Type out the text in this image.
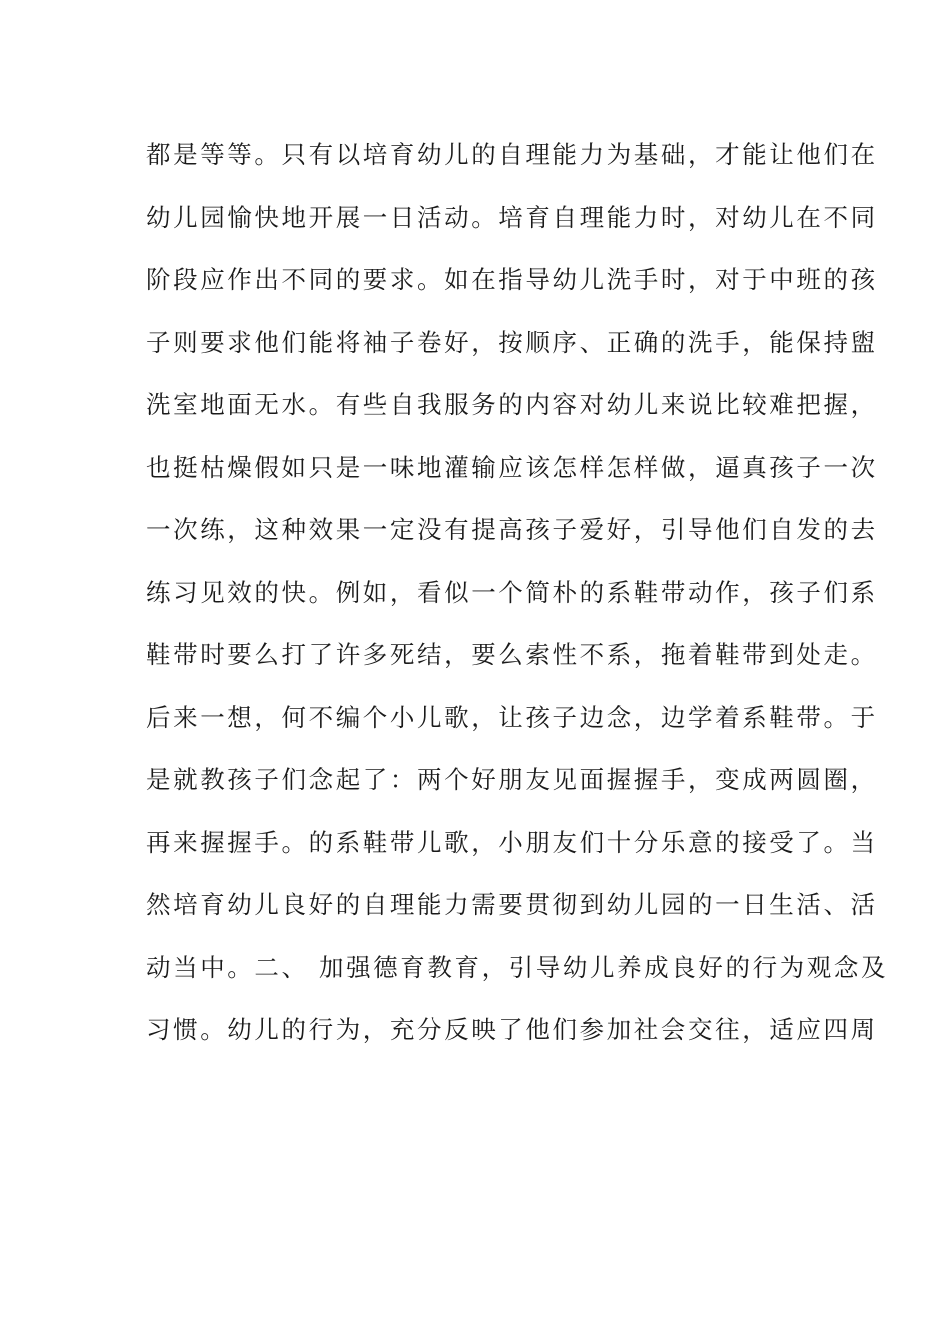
都是等等。只有以培育幼儿的自理能力为基础，才能让他们在
幼儿园愉快地开展一日活动。培育自理能力时，对幼儿在不同
阶段应作出不同的要求。如在指导幼儿洗手时，对于中班的孩
子则要求他们能将袖子卷好，按顺序、正确的洗手，能保持盥
洗室地面无水。有些自我服务的内容对幼儿来说比较难把握，
也挺枯燥假如只是一味地灌输应该怎样怎样做，逼真孩子一次
一次练，这种效果一定没有提高孩子爱好，引导他们自发的去
练习见效的快。例如，看似一个简朴的系鞋带动作，孩子们系
鞋带时要么打了许多死结，要么索性不系，拖着鞋带到处走。
后来一想，何不编个小儿歌，让孩子边念，边学着系鞋带。于
是就教孩子们念起了：两个好朋友见面握握手，变成两圆圈，
再来握握手。的系鞋带儿歌，小朋友们十分乐意的接受了。当
然培育幼儿良好的自理能力需要贯彻到幼儿园的一日生活、活
动当中。二、 加强德育教育，引导幼儿养成良好的行为观念及
习惯。幼儿的行为，充分反映了他们参加社会交往，适应四周
